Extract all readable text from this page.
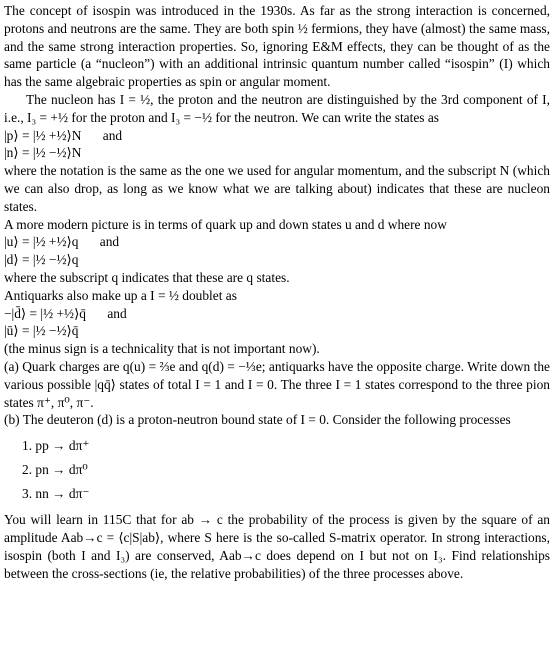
The concept of isospin was introduced in the 1930s. As far as the strong interaction is concerned, protons and neutrons are the same. They are both spin ½ fermions, they have (almost) the same mass, and the same strong interaction properties. So, ignoring E&M effects, they can be thought of as the same particle (a “nucleon”) with an additional intrinsic quantum number called “isospin” (I) which has the same algebraic properties as spin or angular moment.

The nucleon has I = ½, the proton and the neutron are distinguished by the 3rd component of I, i.e., I₃ = +½ for the proton and I₃ = −½ for the neutron. We can write the states as

|p⟩ = |½ +½⟩N and
|n⟩ = |½ −½⟩N

where the notation is the same as the one we used for angular momentum, and the subscript N (which we can also drop, as long as we know what we are talking about) indicates that these are nucleon states.

A more modern picture is in terms of quark up and down states u and d where now

|u⟩ = |½ +½⟩q and
|d⟩ = |½ −½⟩q

where the subscript q indicates that these are q states.

Antiquarks also make up a I = ½ doublet as

−|d̄⟩ = |½ +½⟩q̄ and
|ū⟩ = |½ −½⟩q̄

(the minus sign is a technicality that is not important now).

(a) Quark charges are q(u) = ⅔e and q(d) = −⅓e; antiquarks have the opposite charge. Write down the various possible |qq̄⟩ states of total I = 1 and I = 0. The three I = 1 states correspond to the three pion states π⁺, π⁰, π⁻.

(b) The deuteron (d) is a proton-neutron bound state of I = 0. Consider the following processes

1. pp → dπ⁺
2. pn → dπ⁰
3. nn → dπ⁻

You will learn in 115C that for ab → c the probability of the process is given by the square of an amplitude Aab→c = ⟨c|S|ab⟩, where S here is the so-called S-matrix operator. In strong interactions, isospin (both I and I₃) are conserved, Aab→c does depend on I but not on I₃. Find relationships between the cross-sections (ie, the relative probabilities) of the three processes above.
